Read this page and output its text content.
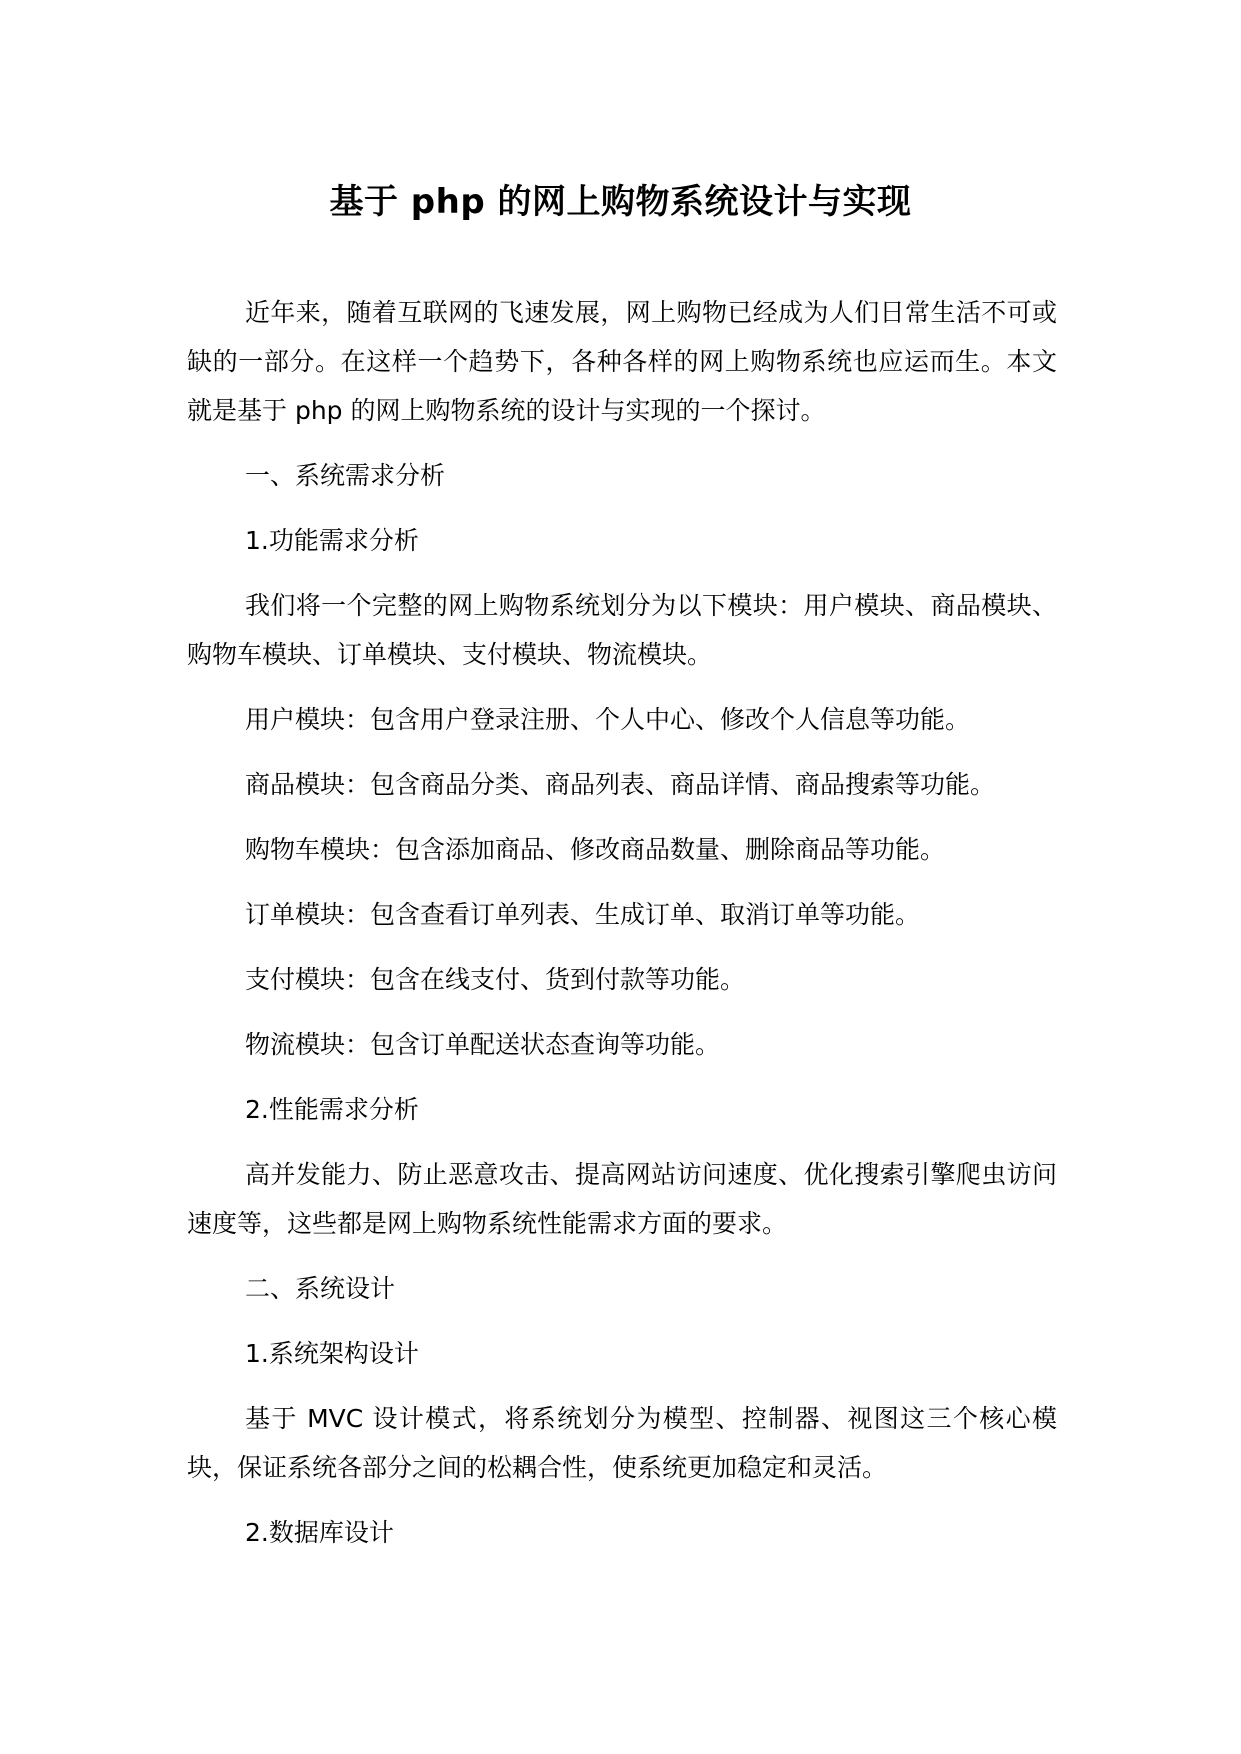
基于 php 的网上购物系统设计与实现

近年来，随着互联网的飞速发展，网上购物已经成为人们日常生活不可或缺的一部分。在这样一个趋势下，各种各样的网上购物系统也应运而生。本文就是基于 php 的网上购物系统的设计与实现的一个探讨。

一、系统需求分析

1.功能需求分析

我们将一个完整的网上购物系统划分为以下模块：用户模块、商品模块、购物车模块、订单模块、支付模块、物流模块。

用户模块：包含用户登录注册、个人中心、修改个人信息等功能。

商品模块：包含商品分类、商品列表、商品详情、商品搜索等功能。

购物车模块：包含添加商品、修改商品数量、删除商品等功能。

订单模块：包含查看订单列表、生成订单、取消订单等功能。

支付模块：包含在线支付、货到付款等功能。

物流模块：包含订单配送状态查询等功能。

2.性能需求分析

高并发能力、防止恶意攻击、提高网站访问速度、优化搜索引擎爬虫访问速度等，这些都是网上购物系统性能需求方面的要求。

二、系统设计

1.系统架构设计

基于 MVC 设计模式，将系统划分为模型、控制器、视图这三个核心模块，保证系统各部分之间的松耦合性，使系统更加稳定和灵活。

2.数据库设计
